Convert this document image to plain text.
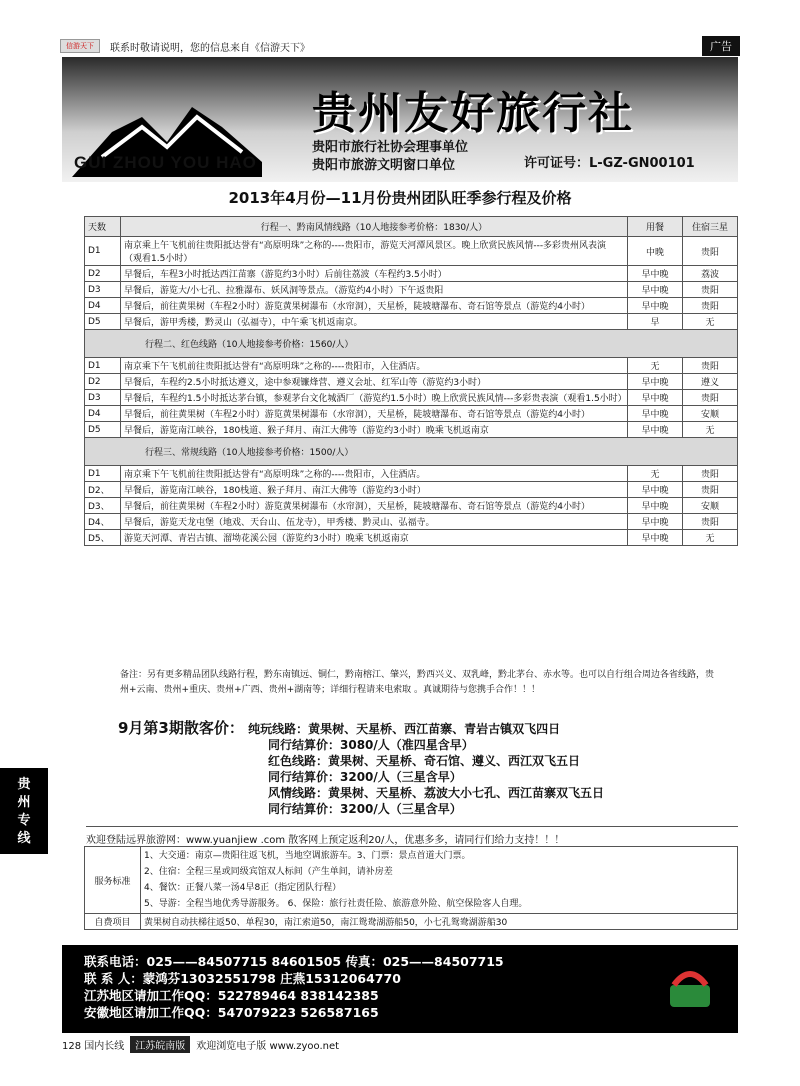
信游天下	联系时敬请说明，您的信息来自《信游天下》	广告
GUI ZHOU YOU HAO
贵州友好旅行社
贵阳市旅行社协会理事单位
贵阳市旅游文明窗口单位	许可证号：L-GZ-GN00101
2013年4月份—11月份贵州团队旺季参行程及价格
天数	行程一、黔南风情线路（10人地接参考价格：1830/人）	用餐	住宿三星
D1	南京乘上午飞机前往贵阳抵达誉有“高原明珠”之称的----贵阳市，游览天河潭风景区。晚上欣赏民族风情---多彩贵州风表演（观看1.5小时）	中晚	贵阳
D2	早餐后，车程3小时抵达西江苗寨（游览约3小时）后前往荔波（车程约3.5小时）	早中晚	荔波
D3	早餐后，游览大/小七孔、拉雅瀑布、妖风洞等景点。（游览约4小时）下午返贵阳	早中晚	贵阳
D4	早餐后，前往黄果树（车程2小时）游览黄果树瀑布（水帘洞），天星桥，陡坡塘瀑布、奇石馆等景点（游览约4小时）	早中晚	贵阳
D5	早餐后，游甲秀楼，黔灵山（弘福寺），中午乘飞机返南京。	早	无
行程二、红色线路（10人地接参考价格：1560/人）			
D1	南京乘下午飞机前往贵阳抵达誉有“高原明珠”之称的----贵阳市，入住酒店。	无	贵阳
D2	早餐后，车程约2.5小时抵达遵义，途中参观镰烽营、遵义会址、红军山等（游览约3小时）	早中晚	遵义
D3	早餐后，车程约1.5小时抵达茅台镇，参观茅台文化城酒厂（游览约1.5小时）晚上欣赏民族风情---多彩贵表演（观看1.5小时）	早中晚	贵阳
D4	早餐后，前往黄果树（车程2小时）游览黄果树瀑布（水帘洞），天星桥，陡坡塘瀑布、奇石馆等景点（游览约4小时）	早中晚	安顺
D5	早餐后，游览南江峡谷，180栈道、猴子拜月、南江大佛等（游览约3小时）晚乘飞机返南京	早中晚	无
行程三、常规线路（10人地接参考价格：1500/人）			
D1	南京乘下午飞机前往贵阳抵达誉有“高原明珠”之称的----贵阳市，入住酒店。	无	贵阳
D2、	早餐后，游览南江峡谷，180栈道、猴子拜月、南江大佛等（游览约3小时）	早中晚	贵阳
D3、	早餐后，前往黄果树（车程2小时）游览黄果树瀑布（水帘洞），天星桥，陡坡塘瀑布、奇石馆等景点（游览约4小时）	早中晚	安顺
D4、	早餐后，游览天龙屯堡（地戏、天台山、伍龙寺），甲秀楼、黔灵山、弘福寺。	早中晚	贵阳
D5、	游览天河潭、青岩古镇、溜坳花溪公园（游览约3小时）晚乘飞机返南京	早中晚	无
备注：另有更多精品团队线路行程，黔东南镇远、铜仁，黔南榕江、肇兴，黔西兴义、双乳峰，黔北茅台、赤水等。也可以自行组合周边各省线路，贵州+云南、贵州+重庆、贵州+广西、贵州+湖南等；详细行程请来电索取 。真诚期待与您携手合作！！！
9月第3期散客价： 纯玩线路：黄果树、天星桥、西江苗寨、青岩古镇双飞四日
同行结算价：3080/人（准四星含早）
红色线路：黄果树、天星桥、奇石馆、遵义、西江双飞五日
同行结算价：3200/人（三星含早）
风情线路：黄果树、天星桥、荔波大小七孔、西江苗寨双飞五日
同行结算价：3200/人（三星含早）
贵州专线	欢迎登陆远界旅游网：www.yuanjiew .com 散客网上预定返利20/人，优惠多多，请同行们给力支持！！！
服务标准	1、大交通：南京—贵阳往返飞机，当地空调旅游车。3、门票：景点首道大门票。
2、住宿：全程三星或同级宾馆双人标间（产生单间，请补房差
4、餐饮：正餐八菜一汤4早8正（指定团队行程）
5、导游：全程当地优秀导游服务。 6、保险：旅行社责任险、旅游意外险、航空保险客人自理。

自费项目	黄果树自动扶梯往返50、单程30，南江索道50，南江鸳鸯湖游船50，小七孔鸳鸯湖游船30
联系电话：025——84507715 84601505 传真：025——84507715
联 系 人：蒙鸿芬13032551798 庄燕15312064770
江苏地区请加工作QQ：522789464 838142385
安徽地区请加工作QQ：547079223 526587165
128 国内长线	江苏皖南版	欢迎浏览电子版 www.zyoo.net
